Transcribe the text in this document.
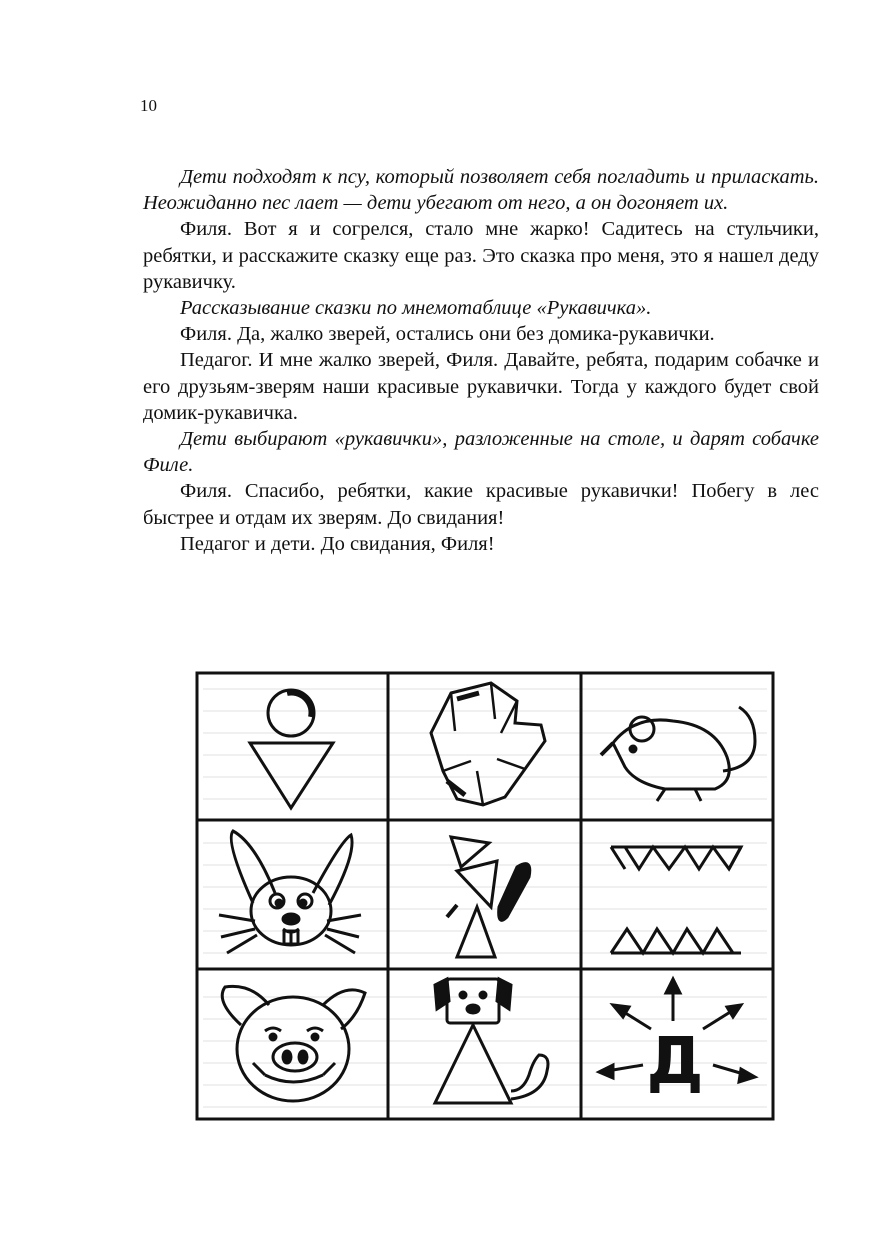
10

Дети подходят к псу, который позволяет себя погладить и приласкать. Неожиданно пес лает — дети убегают от него, а он догоняет их.

Филя. Вот я и согрелся, стало мне жарко! Садитесь на стульчики, ребятки, и расскажите сказку еще раз. Это сказка про меня, это я нашел деду рукавичку.

Рассказывание сказки по мнемотаблице «Рукавичка».

Филя. Да, жалко зверей, остались они без домика-рукавички.

Педагог. И мне жалко зверей, Филя. Давайте, ребята, подарим собачке и его друзьям-зверям наши красивые рукавички. Тогда у каждого будет свой домик-рукавичка.

Дети выбирают «рукавички», разложенные на столе, и дарят собачке Филе.

Филя. Спасибо, ребятки, какие красивые рукавички! Побегу в лес быстрее и отдам их зверям. До свидания!

Педагог и дети. До свидания, Филя!

Д
